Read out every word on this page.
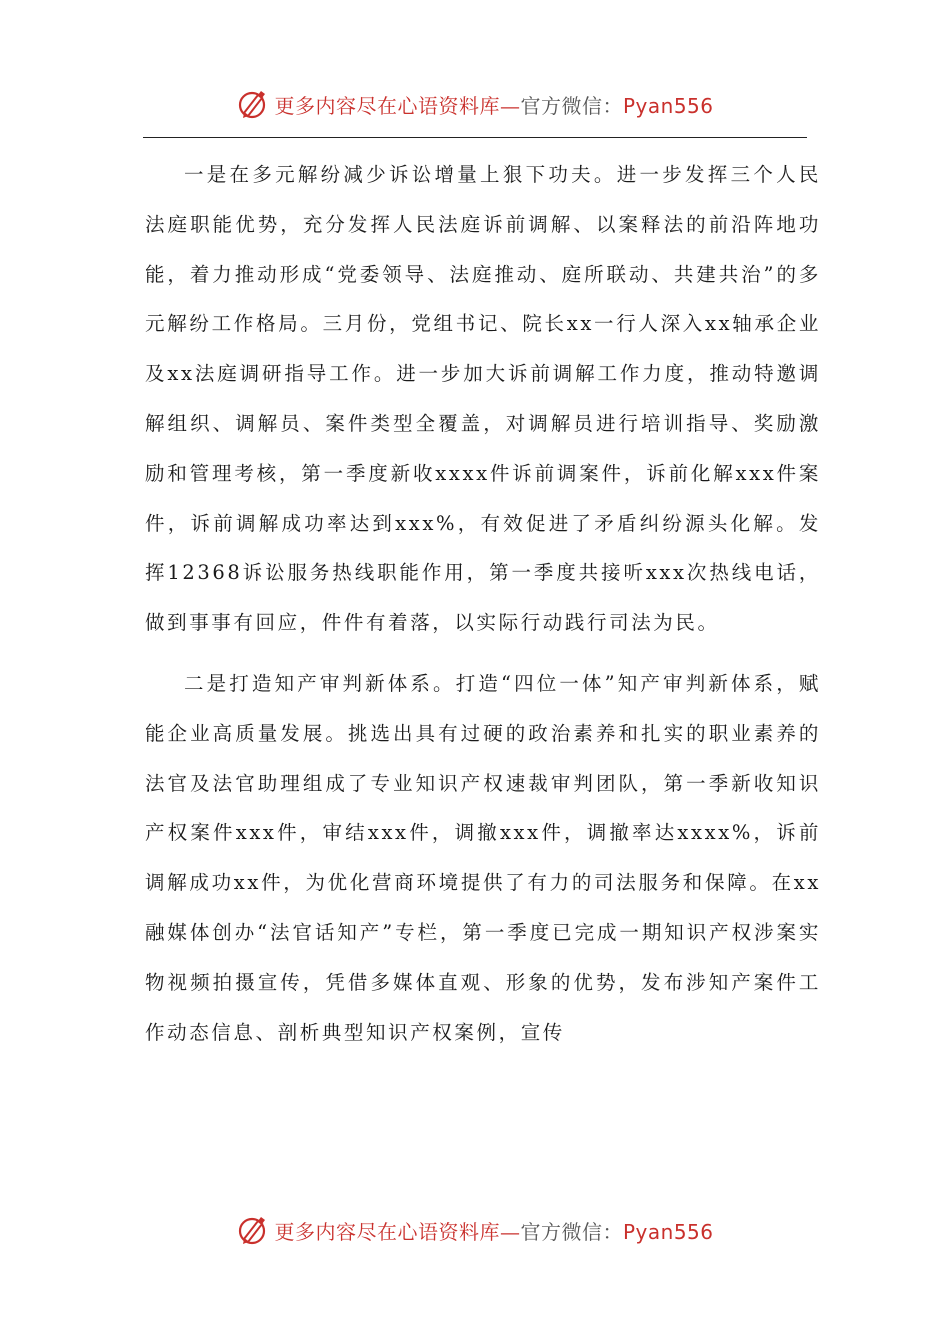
更多内容尽在心语资料库—官方微信：Pyan556

一是在多元解纷减少诉讼增量上狠下功夫。进一步发挥三个人民法庭职能优势，充分发挥人民法庭诉前调解、以案释法的前沿阵地功能，着力推动形成“党委领导、法庭推动、庭所联动、共建共治”的多元解纷工作格局。三月份，党组书记、院长xx一行人深入xx轴承企业及xx法庭调研指导工作。进一步加大诉前调解工作力度，推动特邀调解组织、调解员、案件类型全覆盖，对调解员进行培训指导、奖励激励和管理考核，第一季度新收xxxx件诉前调案件，诉前化解xxx件案件，诉前调解成功率达到xxx%，有效促进了矛盾纠纷源头化解。发挥12368诉讼服务热线职能作用，第一季度共接听xxx次热线电话，做到事事有回应，件件有着落，以实际行动践行司法为民。

二是打造知产审判新体系。打造“四位一体”知产审判新体系，赋能企业高质量发展。挑选出具有过硬的政治素养和扎实的职业素养的法官及法官助理组成了专业知识产权速裁审判团队，第一季新收知识产权案件xxx件，审结xxx件，调撤xxx件，调撤率达xxxx%，诉前调解成功xx件，为优化营商环境提供了有力的司法服务和保障。在xx融媒体创办“法官话知产”专栏，第一季度已完成一期知识产权涉案实物视频拍摄宣传，凭借多媒体直观、形象的优势，发布涉知产案件工作动态信息、剖析典型知识产权案例，宣传

更多内容尽在心语资料库—官方微信：Pyan556
